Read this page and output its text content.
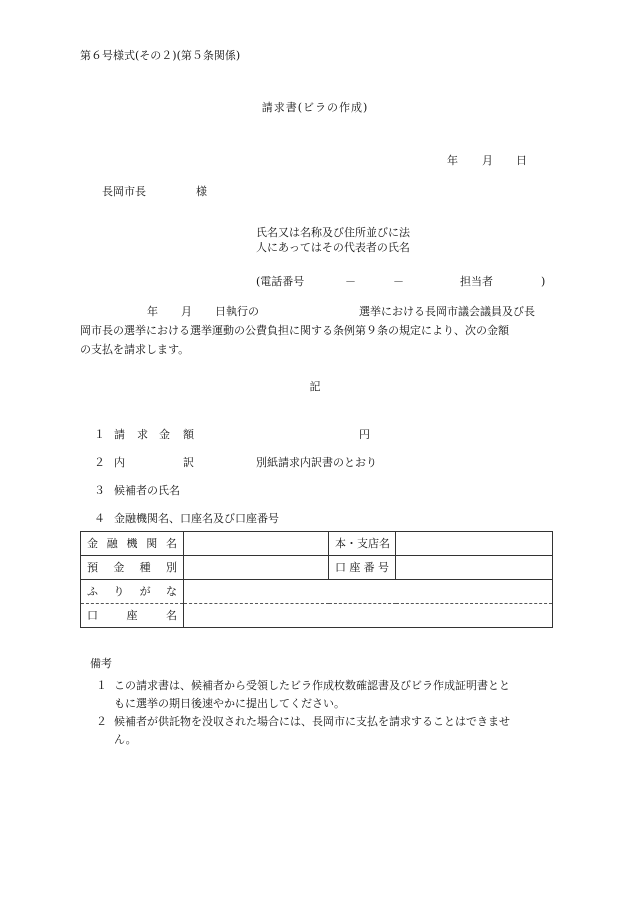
第６号様式(その２)(第５条関係)
請求書(ビラの作成)
年 月 日
長岡市長	様
氏名又は名称及び住所並びに法
人にあってはその代表者の氏名
(電話番号	－	－	担当者	)
年 月 日執行の	選挙における長岡市議会議員及び長
岡市長の選挙における選挙運動の公費負担に関する条例第９条の規定により、次の金額
の支払を請求します。
記
１ 請 求 金 額	円
２ 内	訳	別紙請求内訳書のとおり
３ 候補者の氏名
４ 金融機関名、口座名及び口座番号
金 融 機 関 名		本 ・ 支 店 名	

預 金 種 別		口 座 番 号	

ふ り が な			

口 座 名			

備考
１ この請求書は、候補者から受領したビラ作成枚数確認書及びビラ作成証明書とと
もに選挙の期日後速やかに提出してください。
２ 候補者が供託物を没収された場合には、長岡市に支払を請求することはできませ
ん。
